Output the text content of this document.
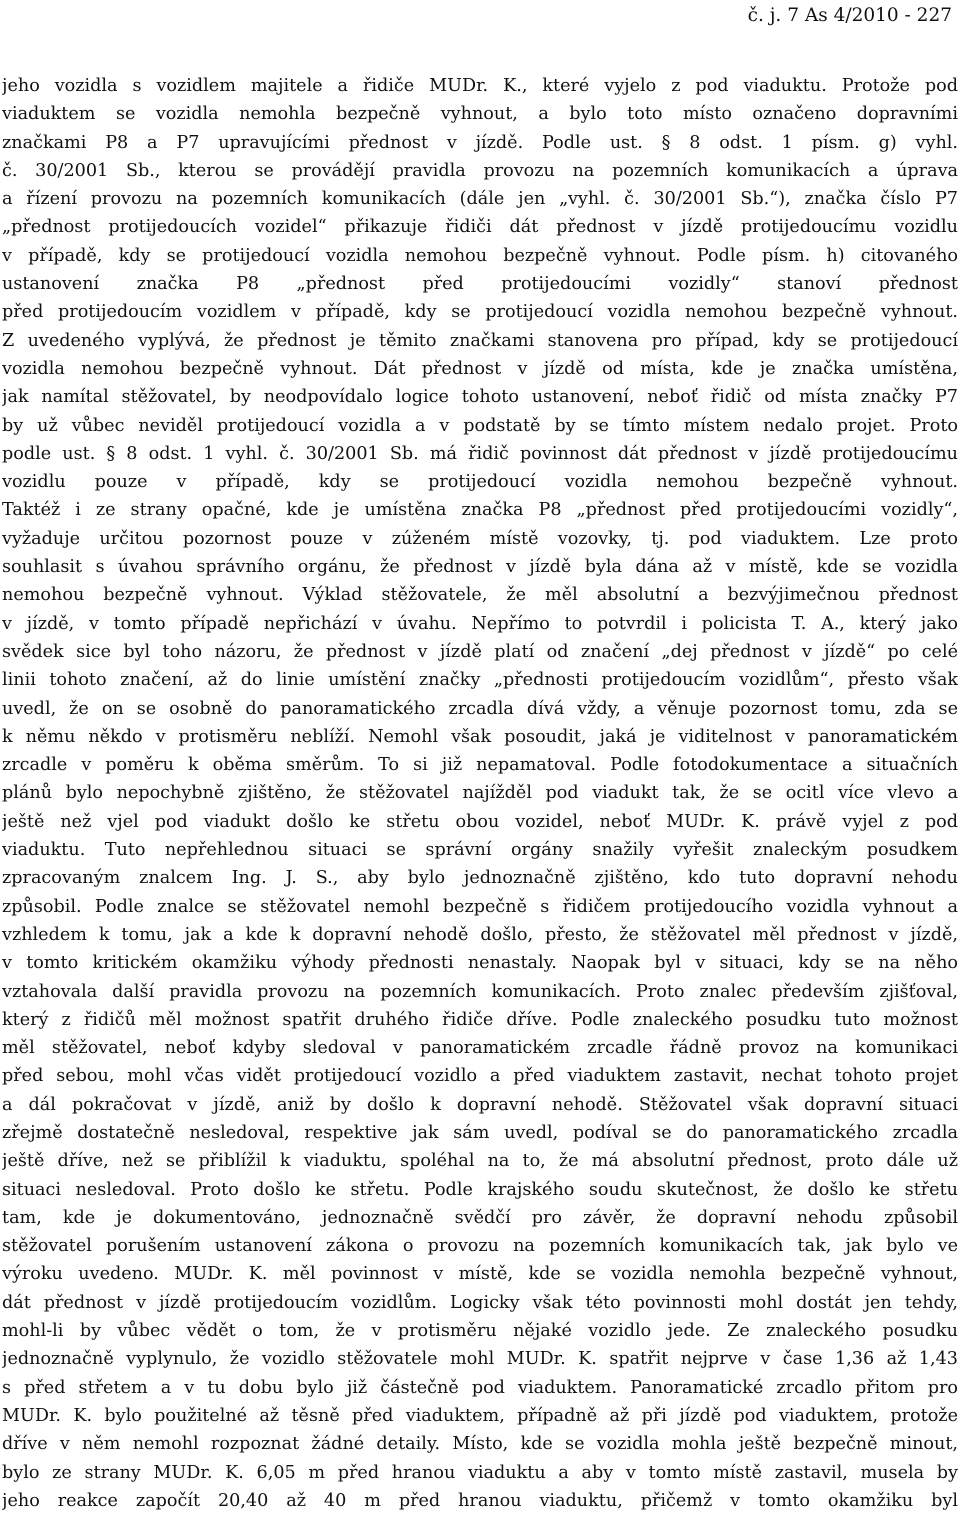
č. j. 7 As 4/2010 - 227
jeho vozidla s vozidlem majitele a řidiče MUDr. K., které vyjelo z pod viaduktu. Protože pod
viaduktem se vozidla nemohla bezpečně vyhnout, a bylo toto místo označeno dopravními
značkami P8 a P7 upravujícími přednost v jízdě. Podle ust. § 8 odst. 1 písm. g) vyhl.
č. 30/2001 Sb., kterou se provádějí pravidla provozu na pozemních komunikacích a úprava
a řízení provozu na pozemních komunikacích (dále jen „vyhl. č. 30/2001 Sb.“), značka číslo P7
„přednost protijedoucích vozidel“ přikazuje řidiči dát přednost v jízdě protijedoucímu vozidlu
v případě, kdy se protijedoucí vozidla nemohou bezpečně vyhnout. Podle písm. h) citovaného
ustanovení značka P8 „přednost před protijedoucími vozidly“ stanoví přednost
před protijedoucím vozidlem v případě, kdy se protijedoucí vozidla nemohou bezpečně vyhnout.
Z uvedeného vyplývá, že přednost je těmito značkami stanovena pro případ, kdy se protijedoucí
vozidla nemohou bezpečně vyhnout. Dát přednost v jízdě od místa, kde je značka umístěna,
jak namítal stěžovatel, by neodpovídalo logice tohoto ustanovení, neboť řidič od místa značky P7
by už vůbec neviděl protijedoucí vozidla a v podstatě by se tímto místem nedalo projet. Proto
podle ust. § 8 odst. 1 vyhl. č. 30/2001 Sb. má řidič povinnost dát přednost v jízdě protijedoucímu
vozidlu pouze v případě, kdy se protijedoucí vozidla nemohou bezpečně vyhnout.
Taktéž i ze strany opačné, kde je umístěna značka P8 „přednost před protijedoucími vozidly“,
vyžaduje určitou pozornost pouze v zúženém místě vozovky, tj. pod viaduktem. Lze proto
souhlasit s úvahou správního orgánu, že přednost v jízdě byla dána až v místě, kde se vozidla
nemohou bezpečně vyhnout. Výklad stěžovatele, že měl absolutní a bezvýjimečnou přednost
v jízdě, v tomto případě nepřichází v úvahu. Nepřímo to potvrdil i policista T. A., který jako
svědek sice byl toho názoru, že přednost v jízdě platí od značení „dej přednost v jízdě“ po celé
linii tohoto značení, až do linie umístění značky „přednosti protijedoucím vozidlům“, přesto však
uvedl, že on se osobně do panoramatického zrcadla dívá vždy, a věnuje pozornost tomu, zda se
k němu někdo v protisměru neblíží. Nemohl však posoudit, jaká je viditelnost v panoramatickém
zrcadle v poměru k oběma směrům. To si již nepamatoval. Podle fotodokumentace a situačních
plánů bylo nepochybně zjištěno, že stěžovatel najížděl pod viadukt tak, že se ocitl více vlevo a
ještě než vjel pod viadukt došlo ke střetu obou vozidel, neboť MUDr. K. právě vyjel z pod
viaduktu. Tuto nepřehlednou situaci se správní orgány snažily vyřešit znaleckým posudkem
zpracovaným znalcem Ing. J. S., aby bylo jednoznačně zjištěno, kdo tuto dopravní nehodu
způsobil. Podle znalce se stěžovatel nemohl bezpečně s řidičem protijedoucího vozidla vyhnout a
vzhledem k tomu, jak a kde k dopravní nehodě došlo, přesto, že stěžovatel měl přednost v jízdě,
v tomto kritickém okamžiku výhody přednosti nenastaly. Naopak byl v situaci, kdy se na něho
vztahovala další pravidla provozu na pozemních komunikacích. Proto znalec především zjišťoval,
který z řidičů měl možnost spatřit druhého řidiče dříve. Podle znaleckého posudku tuto možnost
měl stěžovatel, neboť kdyby sledoval v panoramatickém zrcadle řádně provoz na komunikaci
před sebou, mohl včas vidět protijedoucí vozidlo a před viaduktem zastavit, nechat tohoto projet
a dál pokračovat v jízdě, aniž by došlo k dopravní nehodě. Stěžovatel však dopravní situaci
zřejmě dostatečně nesledoval, respektive jak sám uvedl, podíval se do panoramatického zrcadla
ještě dříve, než se přiblížil k viaduktu, spoléhal na to, že má absolutní přednost, proto dále už
situaci nesledoval. Proto došlo ke střetu. Podle krajského soudu skutečnost, že došlo ke střetu
tam, kde je dokumentováno, jednoznačně svědčí pro závěr, že dopravní nehodu způsobil
stěžovatel porušením ustanovení zákona o provozu na pozemních komunikacích tak, jak bylo ve
výroku uvedeno. MUDr. K. měl povinnost v místě, kde se vozidla nemohla bezpečně vyhnout,
dát přednost v jízdě protijedoucím vozidlům. Logicky však této povinnosti mohl dostát jen tehdy,
mohl-li by vůbec vědět o tom, že v protisměru nějaké vozidlo jede. Ze znaleckého posudku
jednoznačně vyplynulo, že vozidlo stěžovatele mohl MUDr. K. spatřit nejprve v čase 1,36 až 1,43
s před střetem a v tu dobu bylo již částečně pod viaduktem. Panoramatické zrcadlo přitom pro
MUDr. K. bylo použitelné až těsně před viaduktem, případně až při jízdě pod viaduktem, protože
dříve v něm nemohl rozpoznat žádné detaily. Místo, kde se vozidla mohla ještě bezpečně minout,
bylo ze strany MUDr. K. 6,05 m před hranou viaduktu a aby v tomto místě zastavil, musela by
jeho reakce započít 20,40 až 40 m před hranou viaduktu, přičemž v tomto okamžiku byl
